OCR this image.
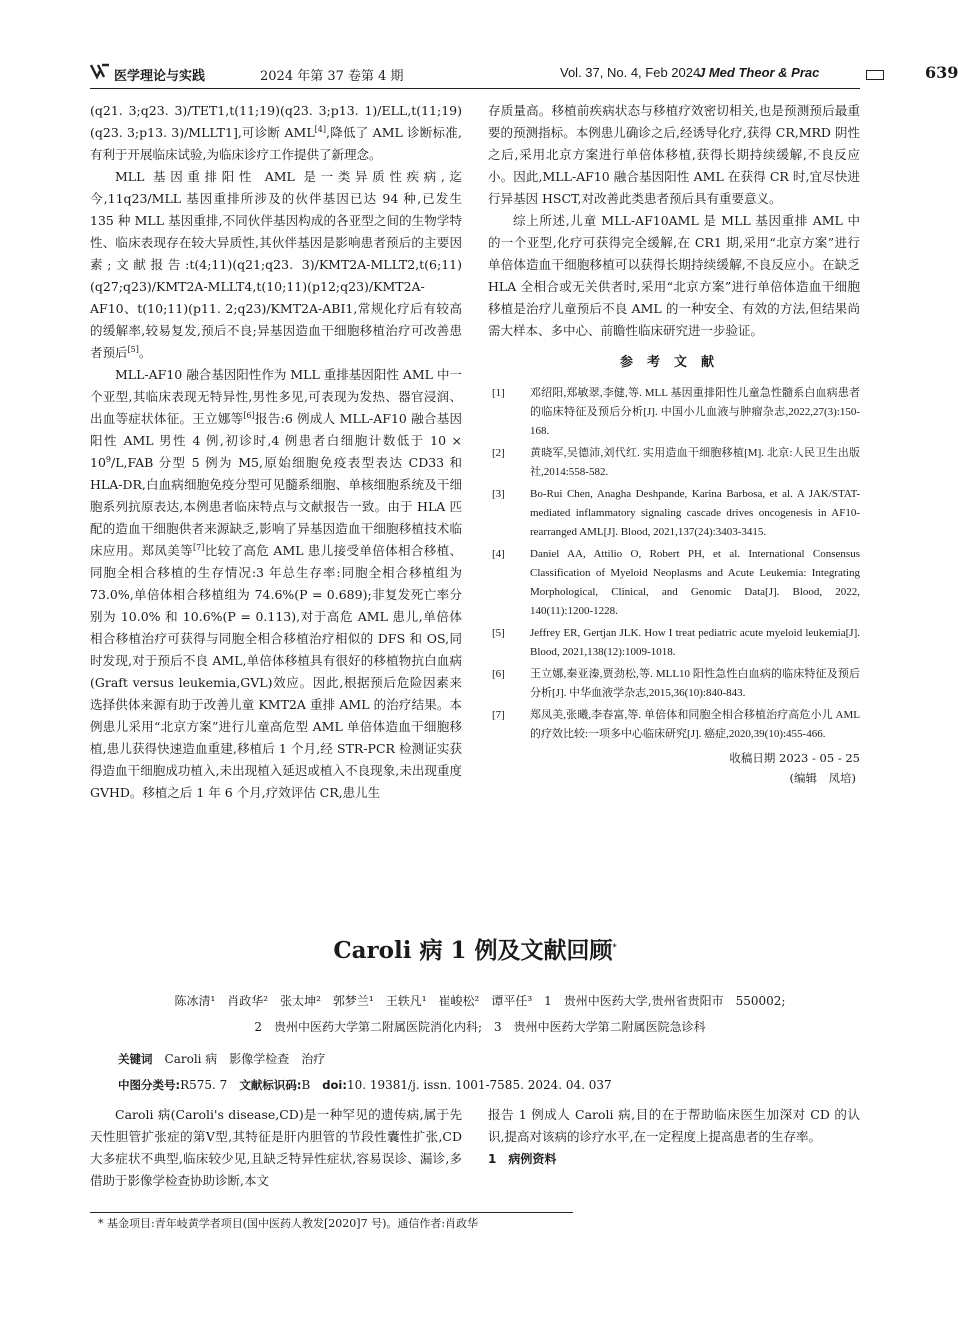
医学理论与实践	2024 年第 37 卷第 4 期	Vol. 37, No. 4, Feb 2024
J Med Theor & Prac	639

(q21. 3;q23. 3)/TET1,t(11;19)(q23. 3;p13. 1)/ELL,t(11;19)(q23. 3;p13. 3)/MLLT1],可诊断 AML[4],降低了 AML 诊断标准,有利于开展临床试验,为临床诊疗工作提供了新理念。

MLL 基因重排阳性 AML 是一类异质性疾病,迄今,11q23/MLL 基因重排所涉及的伙伴基因已达 94 种,已发生 135 种 MLL 基因重排,不同伙伴基因构成的各亚型之间的生物学特性、临床表现存在较大异质性,其伙伴基因是影响患者预后的主要因素;文献报告:t(4;11)(q21;q23. 3)/KMT2A-MLLT2,t(6;11)(q27;q23)/KMT2A-MLLT4,t(10;11)(p12;q23)/KMT2A-AF10、t(10;11)(p11. 2;q23)/KMT2A-ABI1,常规化疗后有较高的缓解率,较易复发,预后不良;异基因造血干细胞移植治疗可改善患者预后[5]。

MLL-AF10 融合基因阳性作为 MLL 重排基因阳性 AML 中一个亚型,其临床表现无特异性,男性多见,可表现为发热、器官浸润、出血等症状体征。王立娜等[6]报告:6 例成人 MLL-AF10 融合基因阳性 AML 男性 4 例,初诊时,4 例患者白细胞计数低于 $10 \times 10^9/L,FAB$ 分型 5 例为 M5,原始细胞免疫表型表达 CD33 和 HLA-DR,白血病细胞免疫分型可见髓系细胞、单核细胞系统及干细胞系列抗原表达,本例患者临床特点与文献报告一致。由于 HLA 匹配的造血干细胞供者来源缺乏,影响了异基因造血干细胞移植技术临床应用。郑凤美等[7]比较了高危 AML 患儿接受单倍体相合移植、同胞全相合移植的生存情况:3 年总生存率:同胞全相合移植组为 73.0%,单倍体相合移植组为 74.6%(P = 0.689);非复发死亡率分别为 10.0% 和 10.6%(P = 0.113),对于高危 AML 患儿,单倍体相合移植治疗可获得与同胞全相合移植治疗相似的 DFS 和 OS,同时发现,对于预后不良 AML,单倍体移植具有很好的移植物抗白血病(Graft versus leukemia,GVL)效应。因此,根据预后危险因素来选择供体来源有助于改善儿童 KMT2A 重排 AML 的治疗结果。本例患儿采用“北京方案”进行儿童高危型 AML 单倍体造血干细胞移植,患儿获得快速造血重建,移植后 1 个月,经 STR-PCR 检测证实获得造血干细胞成功植入,未出现植入延迟或植入不良现象,未出现重度 GVHD。移植之后 1 年 6 个月,疗效评估 CR,患儿生

存质量高。移植前疾病状态与移植疗效密切相关,也是预测预后最重要的预测指标。本例患儿确诊之后,经诱导化疗,获得 CR,MRD 阴性之后,采用北京方案进行单倍体移植,获得长期持续缓解,不良反应小。因此,MLL-AF10 融合基因阳性 AML 在获得 CR 时,宜尽快进行异基因 HSCT,对改善此类患者预后具有重要意义。

综上所述,儿童 MLL-AF10AML 是 MLL 基因重排 AML 中的一个亚型,化疗可获得完全缓解,在 CR1 期,采用“北京方案”进行单倍体造血干细胞移植可以获得长期持续缓解,不良反应小。在缺乏 HLA 全相合或无关供者时,采用“北京方案”进行单倍体造血干细胞移植是治疗儿童预后不良 AML 的一种安全、有效的方法,但结果尚需大样本、多中心、前瞻性临床研究进一步验证。

参考文献
[1]	邓绍阳,郑敏翠,李健,等. MLL 基因重排阳性儿童急性髓系白血病患者的临床特征及预后分析[J]. 中国小儿血液与肿瘤杂志,2022,27(3):150-168.
[2]	黄晓军,吴德沛,刘代红. 实用造血干细胞移植[M]. 北京:人民卫生出版社,2014:558-582.
[3]	Bo-Rui Chen, Anagha Deshpande, Karina Barbosa, et al. A JAK/STAT-mediated inflammatory signaling cascade drives oncogenesis in AF10-rearranged AML[J]. Blood, 2021,137(24):3403-3415.
[4]	Daniel AA, Attilio O, Robert PH, et al. International Consensus Classification of Myeloid Neoplasms and Acute Leukemia: Integrating Morphological, Clinical, and Genomic Data[J]. Blood, 2022, 140(11):1200-1228.
[5]	Jeffrey ER, Gertjan JLK. How I treat pediatric acute myeloid leukemia[J]. Blood, 2021,138(12):1009-1018.
[6]	王立娜,秦亚溱,贾劲松,等. MLL10 阳性急性白血病的临床特征及预后分析[J]. 中华血液学杂志,2015,36(10):840-843.
[7]	郑凤美,张曦,李春富,等. 单倍体和同胞全相合移植治疗高危小儿 AML 的疗效比较:一项多中心临床研究[J]. 癌症,2020,39(10):455-466.
收稿日期 2023 - 05 - 25
(编辑　凤培)
Caroli 病 1 例及文献回顾*
陈冰清¹　肖政华²　张太坤²　郭梦兰¹　王轶凡¹　崔峻松²　谭平任³　1　贵州中医药大学,贵州省贵阳市　550002;
2　贵州中医药大学第二附属医院消化内科;　3　贵州中医药大学第二附属医院急诊科
关键词　 Caroli 病　影像学检查　治疗
中图分类号:R575. 7　 文献标识码:B　 doi:10. 19381/j. issn. 1001-7585. 2024. 04. 037

Caroli 病(Caroli's disease,CD)是一种罕见的遗传病,属于先天性胆管扩张症的第Ⅴ型,其特征是肝内胆管的节段性囊性扩张,CD 大多症状不典型,临床较少见,且缺乏特异性症状,容易误诊、漏诊,多借助于影像学检查协助诊断,本文

报告 1 例成人 Caroli 病,目的在于帮助临床医生加深对 CD 的认识,提高对该病的诊疗水平,在一定程度上提高患者的生存率。

1　病例资料
* 基金项目:青年岐黄学者项目(国中医药人教发[2020]7 号)。通信作者:肖政华
